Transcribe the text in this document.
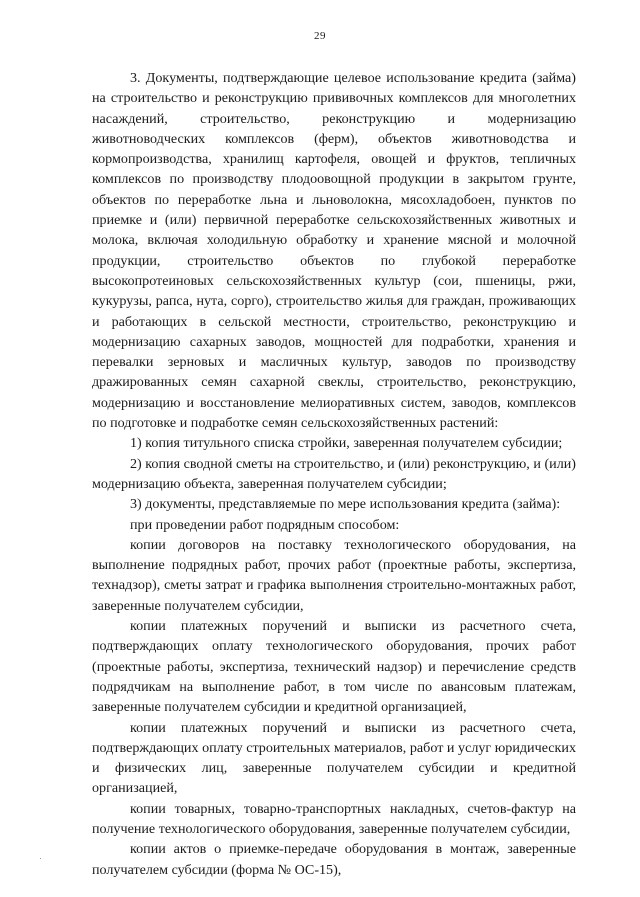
29

3. Документы, подтверждающие целевое использование кредита (займа) на строительство и реконструкцию прививочных комплексов для многолетних насаждений, строительство, реконструкцию и модернизацию животноводческих комплексов (ферм), объектов животноводства и кормопроизводства, хранилищ картофеля, овощей и фруктов, тепличных комплексов по производству плодоовощной продукции в закрытом грунте, объектов по переработке льна и льноволокна, мясохладобоен, пунктов по приемке и (или) первичной переработке сельскохозяйственных животных и молока, включая холодильную обработку и хранение мясной и молочной продукции, строительство объектов по глубокой переработке высокопротеиновых сельскохозяйственных культур (сои, пшеницы, ржи, кукурузы, рапса, нута, сорго), строительство жилья для граждан, проживающих и работающих в сельской местности, строительство, реконструкцию и модернизацию сахарных заводов, мощностей для подработки, хранения и перевалки зерновых и масличных культур, заводов по производству дражированных семян сахарной свеклы, строительство, реконструкцию, модернизацию и восстановление мелиоративных систем, заводов, комплексов по подготовке и подработке семян сельскохозяйственных растений:

1) копия титульного списка стройки, заверенная получателем субсидии;

2) копия сводной сметы на строительство, и (или) реконструкцию, и (или) модернизацию объекта, заверенная получателем субсидии;

3) документы, представляемые по мере использования кредита (займа):

при проведении работ подрядным способом:

копии договоров на поставку технологического оборудования, на выполнение подрядных работ, прочих работ (проектные работы, экспертиза, технадзор), сметы затрат и графика выполнения строительно-монтажных работ, заверенные получателем субсидии,

копии платежных поручений и выписки из расчетного счета, подтверждающих оплату технологического оборудования, прочих работ (проектные работы, экспертиза, технический надзор) и перечисление средств подрядчикам на выполнение работ, в том числе по авансовым платежам, заверенные получателем субсидии и кредитной организацией,

копии платежных поручений и выписки из расчетного счета, подтверждающих оплату строительных материалов, работ и услуг юридических и физических лиц, заверенные получателем субсидии и кредитной организацией,

копии товарных, товарно-транспортных накладных, счетов-фактур на получение технологического оборудования, заверенные получателем субсидии,

копии актов о приемке-передаче оборудования в монтаж, заверенные получателем субсидии (форма № ОС-15),
